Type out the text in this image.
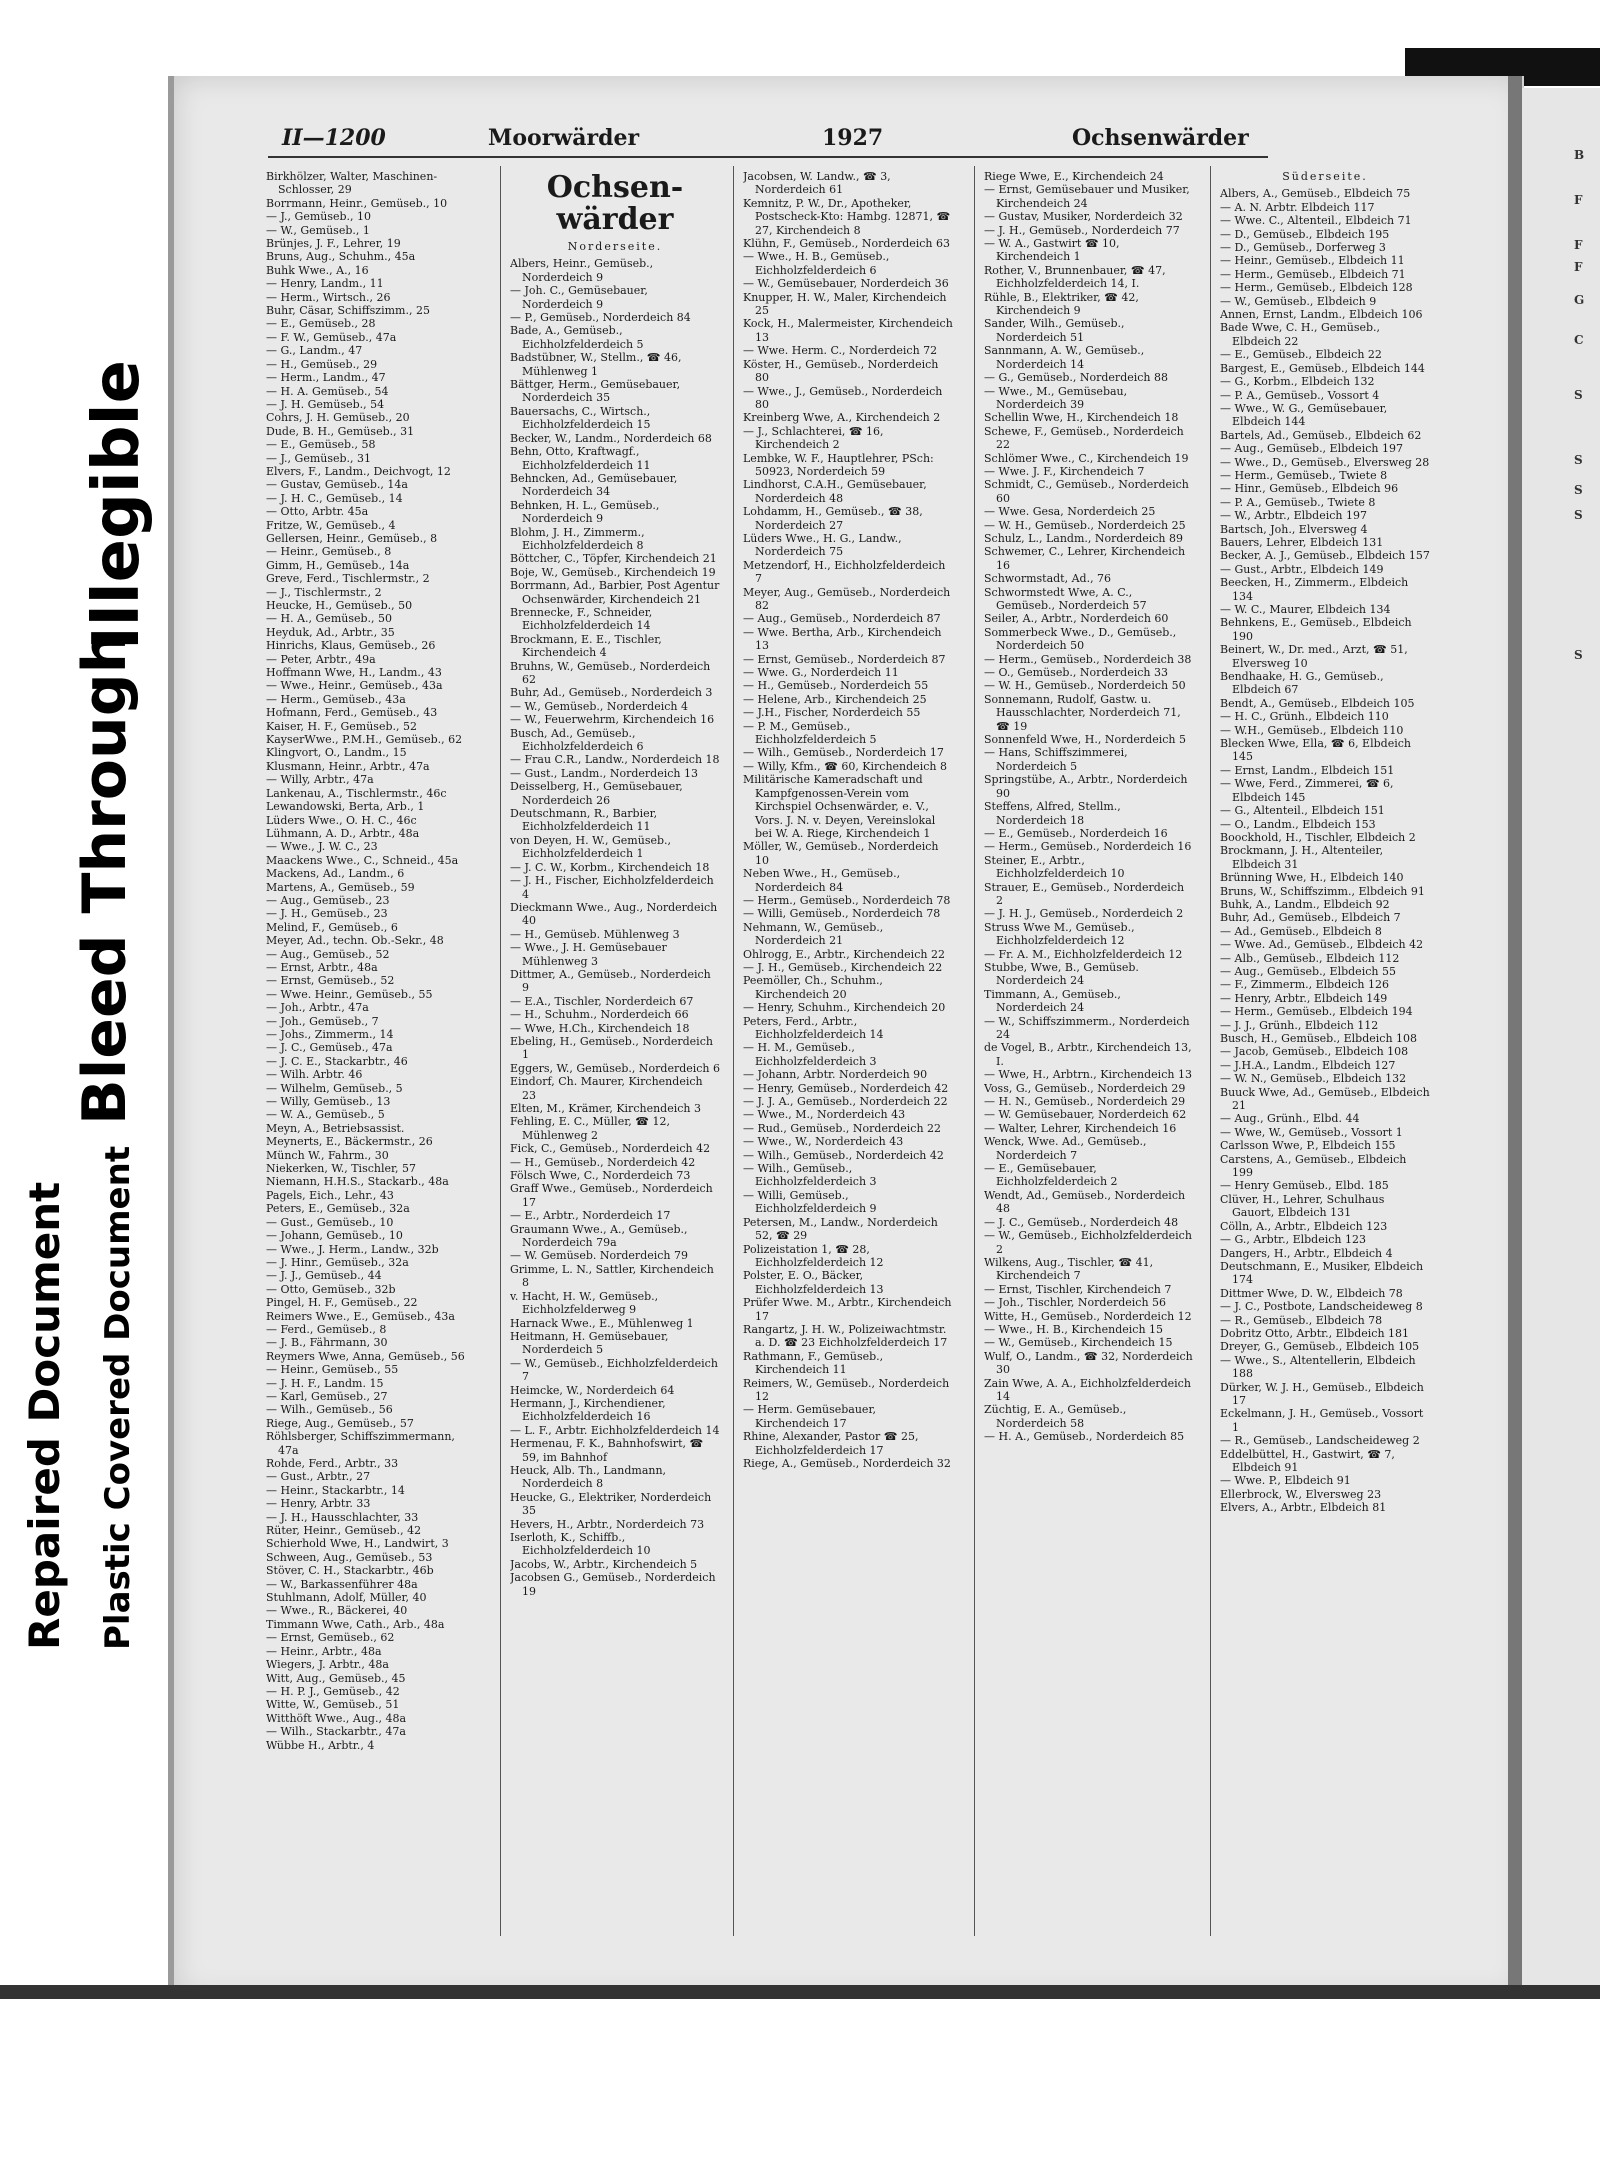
Illegible
Bleed Through
Repaired Document Plastic Covered Document
B
F
F
F
G
C
S
S
S
S
S
II—1200	Moorwärder	1927	Ochsenwärder

Birkhölzer, Walter, Maschinen-Schlosser, 29

Borrmann, Heinr., Gemüseb., 10

— J., Gemüseb., 10

— W., Gemüseb., 1

Brünjes, J. F., Lehrer, 19

Bruns, Aug., Schuhm., 45a

Buhk Wwe., A., 16

— Henry, Landm., 11

— Herm., Wirtsch., 26

Buhr, Cäsar, Schiffszimm., 25

— E., Gemüseb., 28

— F. W., Gemüseb., 47a

— G., Landm., 47

— H., Gemüseb., 29

— Herm., Landm., 47

— H. A. Gemüseb., 54

— J. H. Gemüseb., 54

Cohrs, J. H. Gemüseb., 20

Dude, B. H., Gemüseb., 31

— E., Gemüseb., 58

— J., Gemüseb., 31

Elvers, F., Landm., Deichvogt, 12

— Gustav, Gemüseb., 14a

— J. H. C., Gemüseb., 14

— Otto, Arbtr. 45a

Fritze, W., Gemüseb., 4

Gellersen, Heinr., Gemüseb., 8

— Heinr., Gemüseb., 8

Gimm, H., Gemüseb., 14a

Greve, Ferd., Tischlermstr., 2

— J., Tischlermstr., 2

Heucke, H., Gemüseb., 50

— H. A., Gemüseb., 50

Heyduk, Ad., Arbtr., 35

Hinrichs, Klaus, Gemüseb., 26

— Peter, Arbtr., 49a

Hoffmann Wwe, H., Landm., 43

— Wwe., Heinr., Gemüseb., 43a

— Herm., Gemüseb., 43a

Hofmann, Ferd., Gemüseb., 43

Kaiser, H. F., Gemüseb., 52

KayserWwe., P.M.H., Gemüseb., 62

Klingvort, O., Landm., 15

Klusmann, Heinr., Arbtr., 47a

— Willy, Arbtr., 47a

Lankenau, A., Tischlermstr., 46c

Lewandowski, Berta, Arb., 1

Lüders Wwe., O. H. C., 46c

Lühmann, A. D., Arbtr., 48a

— Wwe., J. W. C., 23

Maackens Wwe., C., Schneid., 45a

Mackens, Ad., Landm., 6

Martens, A., Gemüseb., 59

— Aug., Gemüseb., 23

— J. H., Gemüseb., 23

Melind, F., Gemüseb., 6

Meyer, Ad., techn. Ob.-Sekr., 48

— Aug., Gemüseb., 52

— Ernst, Arbtr., 48a

— Ernst, Gemüseb., 52

— Wwe. Heinr., Gemüseb., 55

— Joh., Arbtr., 47a

— Joh., Gemüseb., 7

— Johs., Zimmerm., 14

— J. C., Gemüseb., 47a

— J. C. E., Stackarbtr., 46

— Wilh. Arbtr. 46

— Wilhelm, Gemüseb., 5

— Willy, Gemüseb., 13

— W. A., Gemüseb., 5

Meyn, A., Betriebsassist.

Meynerts, E., Bäckermstr., 26

Münch W., Fahrm., 30

Niekerken, W., Tischler, 57

Niemann, H.H.S., Stackarb., 48a

Pagels, Eich., Lehr., 43

Peters, E., Gemüseb., 32a

— Gust., Gemüseb., 10

— Johann, Gemüseb., 10

— Wwe., J. Herm., Landw., 32b

— J. Hinr., Gemüseb., 32a

— J. J., Gemüseb., 44

— Otto, Gemüseb., 32b

Pingel, H. F., Gemüseb., 22

Reimers Wwe., E., Gemüseb., 43a

— Ferd., Gemüseb., 8

— J. B., Fährmann, 30

Reymers Wwe, Anna, Gemüseb., 56

— Heinr., Gemüseb., 55

— J. H. F., Landm. 15

— Karl, Gemüseb., 27

— Wilh., Gemüseb., 56

Riege, Aug., Gemüseb., 57

Röhlsberger, Schiffszimmermann, 47a

Rohde, Ferd., Arbtr., 33

— Gust., Arbtr., 27

— Heinr., Stackarbtr., 14

— Henry, Arbtr. 33

— J. H., Hausschlachter, 33

Rüter, Heinr., Gemüseb., 42

Schierhold Wwe, H., Landwirt, 3

Schween, Aug., Gemüseb., 53

Stöver, C. H., Stackarbtr., 46b

— W., Barkassenführer 48a

Stuhlmann, Adolf, Müller, 40

— Wwe., R., Bäckerei, 40

Timmann Wwe, Cath., Arb., 48a

— Ernst, Gemüseb., 62

— Heinr., Arbtr., 48a

Wiegers, J. Arbtr., 48a

Witt, Aug., Gemüseb., 45

— H. P. J., Gemüseb., 42

Witte, W., Gemüseb., 51

Witthöft Wwe., Aug., 48a

— Wilh., Stackarbtr., 47a

Wübbe H., Arbtr., 4

Ochsen-wärder
Norderseite.

Albers, Heinr., Gemüseb., Norderdeich 9

— Joh. C., Gemüsebauer, Norderdeich 9

— P., Gemüseb., Norderdeich 84

Bade, A., Gemüseb., Eichholzfelderdeich 5

Badstübner, W., Stellm., ☎ 46, Mühlenweg 1

Bättger, Herm., Gemüsebauer, Norderdeich 35

Bauersachs, C., Wirtsch., Eichholzfelderdeich 15

Becker, W., Landm., Norderdeich 68

Behn, Otto, Kraftwagf., Eichholzfelderdeich 11

Behncken, Ad., Gemüsebauer, Norderdeich 34

Behnken, H. L., Gemüseb., Norderdeich 9

Blohm, J. H., Zimmerm., Eichholzfelderdeich 8

Böttcher, C., Töpfer, Kirchendeich 21

Boje, W., Gemüseb., Kirchendeich 19

Borrmann, Ad., Barbier, Post Agentur Ochsenwärder, Kirchendeich 21

Brennecke, F., Schneider, Eichholzfelderdeich 14

Brockmann, E. E., Tischler, Kirchendeich 4

Bruhns, W., Gemüseb., Norderdeich 62

Buhr, Ad., Gemüseb., Norderdeich 3

— W., Gemüseb., Norderdeich 4

— W., Feuerwehrm, Kirchendeich 16

Busch, Ad., Gemüseb., Eichholzfelderdeich 6

— Frau C.R., Landw., Norderdeich 18

— Gust., Landm., Norderdeich 13

Deisselberg, H., Gemüsebauer, Norderdeich 26

Deutschmann, R., Barbier, Eichholzfelderdeich 11

von Deyen, H. W., Gemüseb., Eichholzfelderdeich 1

— J. C. W., Korbm., Kirchendeich 18

— J. H., Fischer, Eichholzfelderdeich 4

Dieckmann Wwe., Aug., Norderdeich 40

— H., Gemüseb. Mühlenweg 3

— Wwe., J. H. Gemüsebauer Mühlenweg 3

Dittmer, A., Gemüseb., Norderdeich 9

— E.A., Tischler, Norderdeich 67

— H., Schuhm., Norderdeich 66

— Wwe, H.Ch., Kirchendeich 18

Ebeling, H., Gemüseb., Norderdeich 1

Eggers, W., Gemüseb., Norderdeich 6

Eindorf, Ch. Maurer, Kirchendeich 23

Elten, M., Krämer, Kirchendeich 3

Fehling, E. C., Müller, ☎ 12, Mühlenweg 2

Fick, C., Gemüseb., Norderdeich 42

— H., Gemüseb., Norderdeich 42

Fölsch Wwe, C., Norderdeich 73

Graff Wwe., Gemüseb., Norderdeich 17

— E., Arbtr., Norderdeich 17

Graumann Wwe., A., Gemüseb., Norderdeich 79a

— W. Gemüseb. Norderdeich 79

Grimme, L. N., Sattler, Kirchendeich 8

v. Hacht, H. W., Gemüseb., Eichholzfelderweg 9

Harnack Wwe., E., Mühlenweg 1

Heitmann, H. Gemüsebauer, Norderdeich 5

— W., Gemüseb., Eichholzfelderdeich 7

Heimcke, W., Norderdeich 64

Hermann, J., Kirchendiener, Eichholzfelderdeich 16

— L. F., Arbtr. Eichholzfelderdeich 14

Hermenau, F. K., Bahnhofswirt, ☎ 59, im Bahnhof

Heuck, Alb. Th., Landmann, Norderdeich 8

Heucke, G., Elektriker, Norderdeich 35

Hevers, H., Arbtr., Norderdeich 73

Iserloth, K., Schiffb., Eichholzfelderdeich 10

Jacobs, W., Arbtr., Kirchendeich 5

Jacobsen G., Gemüseb., Norderdeich 19

Jacobsen, W. Landw., ☎ 3, Norderdeich 61

Kemnitz, P. W., Dr., Apotheker, Postscheck-Kto: Hambg. 12871, ☎ 27, Kirchendeich 8

Klühn, F., Gemüseb., Norderdeich 63

— Wwe., H. B., Gemüseb., Eichholzfelderdeich 6

— W., Gemüsebauer, Norderdeich 36

Knupper, H. W., Maler, Kirchendeich 25

Kock, H., Malermeister, Kirchendeich 13

— Wwe. Herm. C., Norderdeich 72

Köster, H., Gemüseb., Norderdeich 80

— Wwe., J., Gemüseb., Norderdeich 80

Kreinberg Wwe, A., Kirchendeich 2

— J., Schlachterei, ☎ 16, Kirchendeich 2

Lembke, W. F., Hauptlehrer, PSch: 50923, Norderdeich 59

Lindhorst, C.A.H., Gemüsebauer, Norderdeich 48

Lohdamm, H., Gemüseb., ☎ 38, Norderdeich 27

Lüders Wwe., H. G., Landw., Norderdeich 75

Metzendorf, H., Eichholzfelderdeich 7

Meyer, Aug., Gemüseb., Norderdeich 82

— Aug., Gemüseb., Norderdeich 87

— Wwe. Bertha, Arb., Kirchendeich 13

— Ernst, Gemüseb., Norderdeich 87

— Wwe. G., Norderdeich 11

— H., Gemüseb., Norderdeich 55

— Helene, Arb., Kirchendeich 25

— J.H., Fischer, Norderdeich 55

— P. M., Gemüseb., Eichholzfelderdeich 5

— Wilh., Gemüseb., Norderdeich 17

— Willy, Kfm., ☎ 60, Kirchendeich 8

Militärische Kameradschaft und Kampfgenossen-Verein vom Kirchspiel Ochsenwärder, e. V., Vors. J. N. v. Deyen, Vereinslokal bei W. A. Riege, Kirchendeich 1

Möller, W., Gemüseb., Norderdeich 10

Neben Wwe., H., Gemüseb., Norderdeich 84

— Herm., Gemüseb., Norderdeich 78

— Willi, Gemüseb., Norderdeich 78

Nehmann, W., Gemüseb., Norderdeich 21

Ohlrogg, E., Arbtr., Kirchendeich 22

— J. H., Gemüseb., Kirchendeich 22

Peemöller, Ch., Schuhm., Kirchendeich 20

— Henry, Schuhm., Kirchendeich 20

Peters, Ferd., Arbtr., Eichholzfelderdeich 14

— H. M., Gemüseb., Eichholzfelderdeich 3

— Johann, Arbtr. Norderdeich 90

— Henry, Gemüseb., Norderdeich 42

— J. J. A., Gemüseb., Norderdeich 22

— Wwe., M., Norderdeich 43

— Rud., Gemüseb., Norderdeich 22

— Wwe., W., Norderdeich 43

— Wilh., Gemüseb., Norderdeich 42

— Wilh., Gemüseb., Eichholzfelderdeich 3

— Willi, Gemüseb., Eichholzfelderdeich 9

Petersen, M., Landw., Norderdeich 52, ☎ 29

Polizeistation 1, ☎ 28, Eichholzfelderdeich 12

Polster, E. O., Bäcker, Eichholzfelderdeich 13

Prüfer Wwe. M., Arbtr., Kirchendeich 17

Rangartz, J. H. W., Polizeiwachtmstr. a. D. ☎ 23 Eichholzfelderdeich 17

Rathmann, F., Gemüseb., Kirchendeich 11

Reimers, W., Gemüseb., Norderdeich 12

— Herm. Gemüsebauer, Kirchendeich 17

Rhine, Alexander, Pastor ☎ 25, Eichholzfelderdeich 17

Riege, A., Gemüseb., Norderdeich 32

Riege Wwe, E., Kirchendeich 24

— Ernst, Gemüsebauer und Musiker, Kirchendeich 24

— Gustav, Musiker, Norderdeich 32

— J. H., Gemüseb., Norderdeich 77

— W. A., Gastwirt ☎ 10, Kirchendeich 1

Rother, V., Brunnenbauer, ☎ 47, Eichholzfelderdeich 14, I.

Rühle, B., Elektriker, ☎ 42, Kirchendeich 9

Sander, Wilh., Gemüseb., Norderdeich 51

Sannmann, A. W., Gemüseb., Norderdeich 14

— G., Gemüseb., Norderdeich 88

— Wwe., M., Gemüsebau, Norderdeich 39

Schellin Wwe, H., Kirchendeich 18

Schewe, F., Gemüseb., Norderdeich 22

Schlömer Wwe., C., Kirchendeich 19

— Wwe. J. F., Kirchendeich 7

Schmidt, C., Gemüseb., Norderdeich 60

— Wwe. Gesa, Norderdeich 25

— W. H., Gemüseb., Norderdeich 25

Schulz, L., Landm., Norderdeich 89

Schwemer, C., Lehrer, Kirchendeich 16

Schwormstadt, Ad., 76

Schwormstedt Wwe, A. C., Gemüseb., Norderdeich 57

Seiler, A., Arbtr., Norderdeich 60

Sommerbeck Wwe., D., Gemüseb., Norderdeich 50

— Herm., Gemüseb., Norderdeich 38

— O., Gemüseb., Norderdeich 33

— W. H., Gemüseb., Norderdeich 50

Sonnemann, Rudolf, Gastw. u. Hausschlachter, Norderdeich 71, ☎ 19

Sonnenfeld Wwe, H., Norderdeich 5

— Hans, Schiffszimmerei, Norderdeich 5

Springstübe, A., Arbtr., Norderdeich 90

Steffens, Alfred, Stellm., Norderdeich 18

— E., Gemüseb., Norderdeich 16

— Herm., Gemüseb., Norderdeich 16

Steiner, E., Arbtr., Eichholzfelderdeich 10

Strauer, E., Gemüseb., Norderdeich 2

— J. H. J., Gemüseb., Norderdeich 2

Struss Wwe M., Gemüseb., Eichholzfelderdeich 12

— Fr. A. M., Eichholzfelderdeich 12

Stubbe, Wwe, B., Gemüseb. Norderdeich 24

Timmann, A., Gemüseb., Norderdeich 24

— W., Schiffszimmerm., Norderdeich 24

de Vogel, B., Arbtr., Kirchendeich 13, I.

— Wwe, H., Arbtrn., Kirchendeich 13

Voss, G., Gemüseb., Norderdeich 29

— H. N., Gemüseb., Norderdeich 29

— W. Gemüsebauer, Norderdeich 62

— Walter, Lehrer, Kirchendeich 16

Wenck, Wwe. Ad., Gemüseb., Norderdeich 7

— E., Gemüsebauer, Eichholzfelderdeich 2

Wendt, Ad., Gemüseb., Norderdeich 48

— J. C., Gemüseb., Norderdeich 48

— W., Gemüseb., Eichholzfelderdeich 2

Wilkens, Aug., Tischler, ☎ 41, Kirchendeich 7

— Ernst, Tischler, Kirchendeich 7

— Joh., Tischler, Norderdeich 56

Witte, H., Gemüseb., Norderdeich 12

— Wwe., H. B., Kirchendeich 15

— W., Gemüseb., Kirchendeich 15

Wulf, O., Landm., ☎ 32, Norderdeich 30

Zain Wwe, A. A., Eichholzfelderdeich 14

Züchtig, E. A., Gemüseb., Norderdeich 58

— H. A., Gemüseb., Norderdeich 85

Süderseite.

Albers, A., Gemüseb., Elbdeich 75

— A. N. Arbtr. Elbdeich 117

— Wwe. C., Altenteil., Elbdeich 71

— D., Gemüseb., Elbdeich 195

— D., Gemüseb., Dorferweg 3

— Heinr., Gemüseb., Elbdeich 11

— Herm., Gemüseb., Elbdeich 71

— Herm., Gemüseb., Elbdeich 128

— W., Gemüseb., Elbdeich 9

Annen, Ernst, Landm., Elbdeich 106

Bade Wwe, C. H., Gemüseb., Elbdeich 22

— E., Gemüseb., Elbdeich 22

Bargest, E., Gemüseb., Elbdeich 144

— G., Korbm., Elbdeich 132

— P. A., Gemüseb., Vossort 4

— Wwe., W. G., Gemüsebauer, Elbdeich 144

Bartels, Ad., Gemüseb., Elbdeich 62

— Aug., Gemüseb., Elbdeich 197

— Wwe., D., Gemüseb., Elversweg 28

— Herm., Gemüseb., Twiete 8

— Hinr., Gemüseb., Elbdeich 96

— P. A., Gemüseb., Twiete 8

— W., Arbtr., Elbdeich 197

Bartsch, Joh., Elversweg 4

Bauers, Lehrer, Elbdeich 131

Becker, A. J., Gemüseb., Elbdeich 157

— Gust., Arbtr., Elbdeich 149

Beecken, H., Zimmerm., Elbdeich 134

— W. C., Maurer, Elbdeich 134

Behnkens, E., Gemüseb., Elbdeich 190

Beinert, W., Dr. med., Arzt, ☎ 51, Elversweg 10

Bendhaake, H. G., Gemüseb., Elbdeich 67

Bendt, A., Gemüseb., Elbdeich 105

— H. C., Grünh., Elbdeich 110

— W.H., Gemüseb., Elbdeich 110

Blecken Wwe, Ella, ☎ 6, Elbdeich 145

— Ernst, Landm., Elbdeich 151

— Wwe, Ferd., Zimmerei, ☎ 6, Elbdeich 145

— G., Altenteil., Elbdeich 151

— O., Landm., Elbdeich 153

Boockhold, H., Tischler, Elbdeich 2

Brockmann, J. H., Altenteiler, Elbdeich 31

Brünning Wwe, H., Elbdeich 140

Bruns, W., Schiffszimm., Elbdeich 91

Buhk, A., Landm., Elbdeich 92

Buhr, Ad., Gemüseb., Elbdeich 7

— Ad., Gemüseb., Elbdeich 8

— Wwe. Ad., Gemüseb., Elbdeich 42

— Alb., Gemüseb., Elbdeich 112

— Aug., Gemüseb., Elbdeich 55

— F., Zimmerm., Elbdeich 126

— Henry, Arbtr., Elbdeich 149

— Herm., Gemüseb., Elbdeich 194

— J. J., Grünh., Elbdeich 112

Busch, H., Gemüseb., Elbdeich 108

— Jacob, Gemüseb., Elbdeich 108

— J.H.A., Landm., Elbdeich 127

— W. N., Gemüseb., Elbdeich 132

Buuck Wwe, Ad., Gemüseb., Elbdeich 21

— Aug., Grünh., Elbd. 44

— Wwe, W., Gemüseb., Vossort 1

Carlsson Wwe, P., Elbdeich 155

Carstens, A., Gemüseb., Elbdeich 199

— Henry Gemüseb., Elbd. 185

Clüver, H., Lehrer, Schulhaus Gauort, Elbdeich 131

Cölln, A., Arbtr., Elbdeich 123

— G., Arbtr., Elbdeich 123

Dangers, H., Arbtr., Elbdeich 4

Deutschmann, E., Musiker, Elbdeich 174

Dittmer Wwe, D. W., Elbdeich 78

— J. C., Postbote, Landscheideweg 8

— R., Gemüseb., Elbdeich 78

Dobritz Otto, Arbtr., Elbdeich 181

Dreyer, G., Gemüseb., Elbdeich 105

— Wwe., S., Altentellerin, Elbdeich 188

Dürker, W. J. H., Gemüseb., Elbdeich 17

Eckelmann, J. H., Gemüseb., Vossort 1

— R., Gemüseb., Landscheideweg 2

Eddelbüttel, H., Gastwirt, ☎ 7, Elbdeich 91

— Wwe. P., Elbdeich 91

Ellerbrock, W., Elversweg 23

Elvers, A., Arbtr., Elbdeich 81
